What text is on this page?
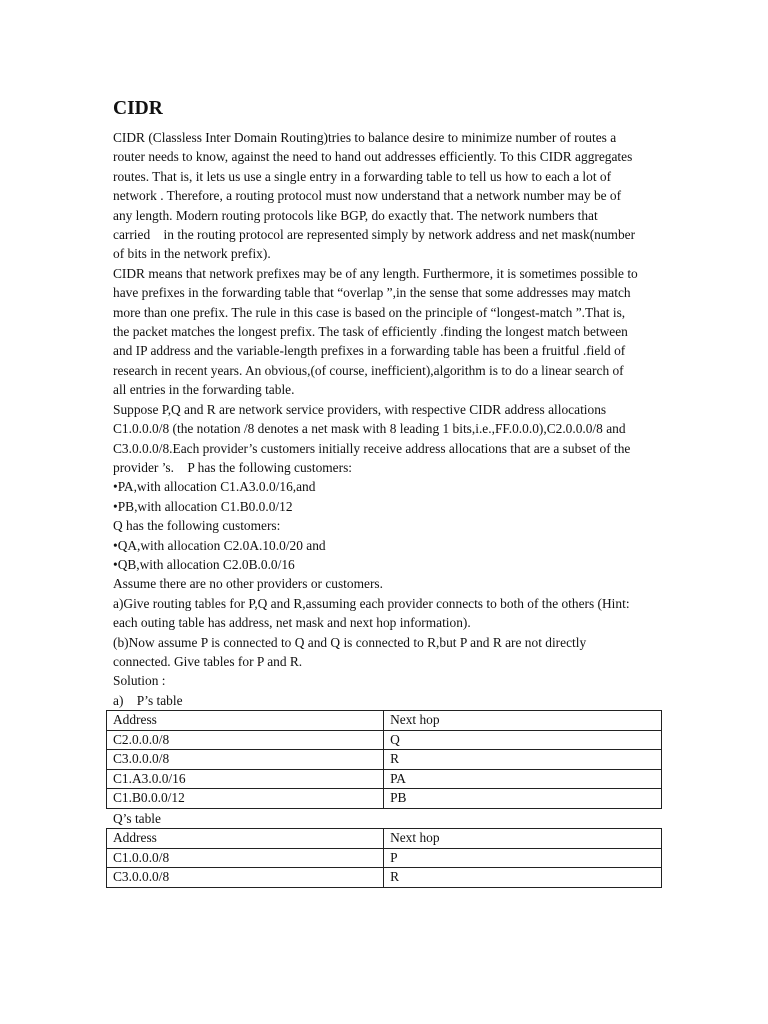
CIDR
CIDR (Classless Inter Domain Routing)tries to balance desire to minimize number of routes a
router needs to know, against the need to hand out addresses efficiently. To this CIDR aggregates
routes. That is, it lets us use a single entry in a forwarding table to tell us how to each a lot of
network . Therefore, a routing protocol must now understand that a network number may be of
any length. Modern routing protocols like BGP, do exactly that. The network numbers that
carried    in the routing protocol are represented simply by network address and net mask(number
of bits in the network prefix).
CIDR means that network prefixes may be of any length. Furthermore, it is sometimes possible to
have prefixes in the forwarding table that “overlap ”,in the sense that some addresses may match
more than one prefix. The rule in this case is based on the principle of “longest-match ”.That is,
the packet matches the longest prefix. The task of efficiently .finding the longest match between
and IP address and the variable-length prefixes in a forwarding table has been a fruitful .field of
research in recent years. An obvious,(of course, inefficient),algorithm is to do a linear search of
all entries in the forwarding table.
Suppose P,Q and R are network service providers, with respective CIDR address allocations
C1.0.0.0/8 (the notation /8 denotes a net mask with 8 leading 1 bits,i.e.,FF.0.0.0),C2.0.0.0/8 and
C3.0.0.0/8.Each provider’s customers initially receive address allocations that are a subset of the
provider ’s.    P has the following customers:
•PA,with allocation C1.A3.0.0/16,and
•PB,with allocation C1.B0.0.0/12
Q has the following customers:
•QA,with allocation C2.0A.10.0/20 and
•QB,with allocation C2.0B.0.0/16
Assume there are no other providers or customers.
a)Give routing tables for P,Q and R,assuming each provider connects to both of the others (Hint:
each outing table has address, net mask and next hop information).
(b)Now assume P is connected to Q and Q is connected to R,but P and R are not directly
connected. Give tables for P and R.
Solution :
a)    P’s table
Address	Next hop
C2.0.0.0/8	Q
C3.0.0.0/8	R
C1.A3.0.0/16	PA
C1.B0.0.0/12	PB
Q’s table
Address	Next hop
C1.0.0.0/8	P
C3.0.0.0/8	R
